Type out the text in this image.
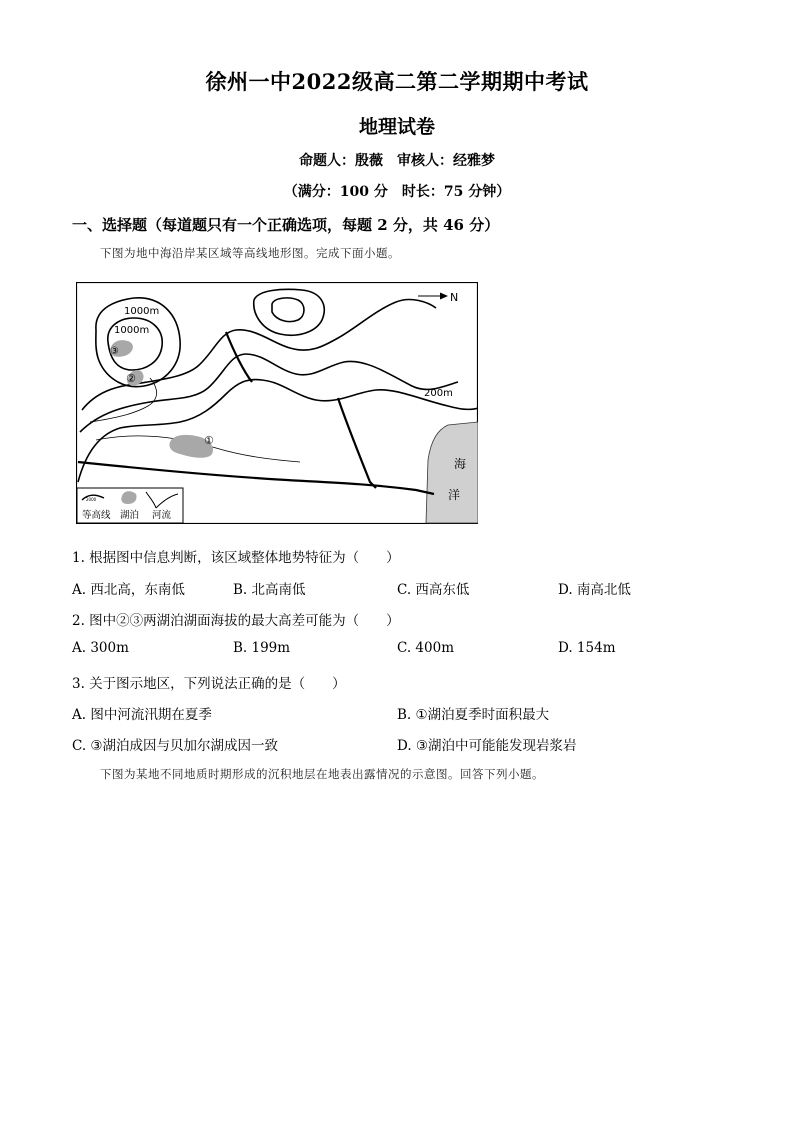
徐州一中2022级高二第二学期期中考试
地理试卷
命题人：殷薇　审核人：经雅梦
（满分：100 分　时长：75 分钟）
一、选择题（每道题只有一个正确选项，每题 2 分，共 46 分）
下图为地中海沿岸某区域等高线地形图。完成下面小题。
N
海
洋
③
②
①
1000m
1000m
200m
2000
等高线 湖泊 河流
1. 根据图中信息判断，该区域整体地势特征为（　　）
A. 西北高，东南低	B. 北高南低	C. 西高东低	D. 南高北低
2. 图中②③两湖泊湖面海拔的最大高差可能为（　　）
A. 300m	B. 199m	C. 400m	D. 154m
3. 关于图示地区，下列说法正确的是（　　）
A. 图中河流汛期在夏季	B. ①湖泊夏季时面积最大
C. ③湖泊成因与贝加尔湖成因一致	D. ③湖泊中可能能发现岩浆岩
下图为某地不同地质时期形成的沉积地层在地表出露情况的示意图。回答下列小题。
